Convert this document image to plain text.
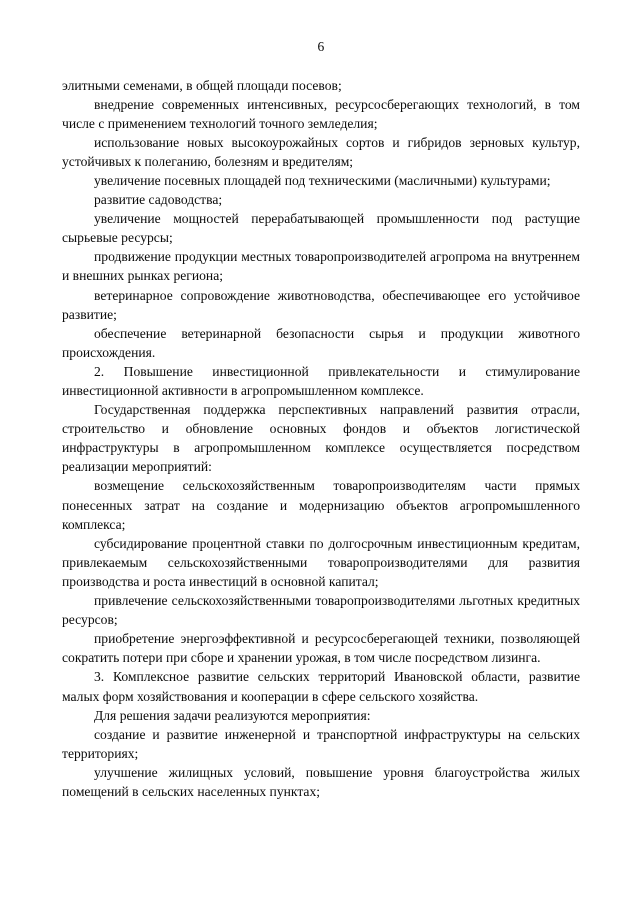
6

элитными семенами, в общей площади посевов;

внедрение современных интенсивных, ресурсосберегающих технологий, в том числе с применением технологий точного земледелия;

использование новых высокоурожайных сортов и гибридов зерновых культур, устойчивых к полеганию, болезням и вредителям;

увеличение посевных площадей под техническими (масличными) культурами;

развитие садоводства;

увеличение мощностей перерабатывающей промышленности под растущие сырьевые ресурсы;

продвижение продукции местных товаропроизводителей агропрома на внутреннем и внешних рынках региона;

ветеринарное сопровождение животноводства, обеспечивающее его устойчивое развитие;

обеспечение ветеринарной безопасности сырья и продукции животного происхождения.

2. Повышение инвестиционной привлекательности и стимулирование инвестиционной активности в агропромышленном комплексе.

Государственная поддержка перспективных направлений развития отрасли, строительство и обновление основных фондов и объектов логистической инфраструктуры в агропромышленном комплексе осуществляется посредством реализации мероприятий:

возмещение сельскохозяйственным товаропроизводителям части прямых понесенных затрат на создание и модернизацию объектов агропромышленного комплекса;

субсидирование процентной ставки по долгосрочным инвестиционным кредитам, привлекаемым сельскохозяйственными товаропроизводителями для развития производства и роста инвестиций в основной капитал;

привлечение сельскохозяйственными товаропроизводителями льготных кредитных ресурсов;

приобретение энергоэффективной и ресурсосберегающей техники, позволяющей сократить потери при сборе и хранении урожая, в том числе посредством лизинга.

3. Комплексное развитие сельских территорий Ивановской области, развитие малых форм хозяйствования и кооперации в сфере сельского хозяйства.

Для решения задачи реализуются мероприятия:

создание и развитие инженерной и транспортной инфраструктуры на сельских территориях;

улучшение жилищных условий, повышение уровня благоустройства жилых помещений в сельских населенных пунктах;
